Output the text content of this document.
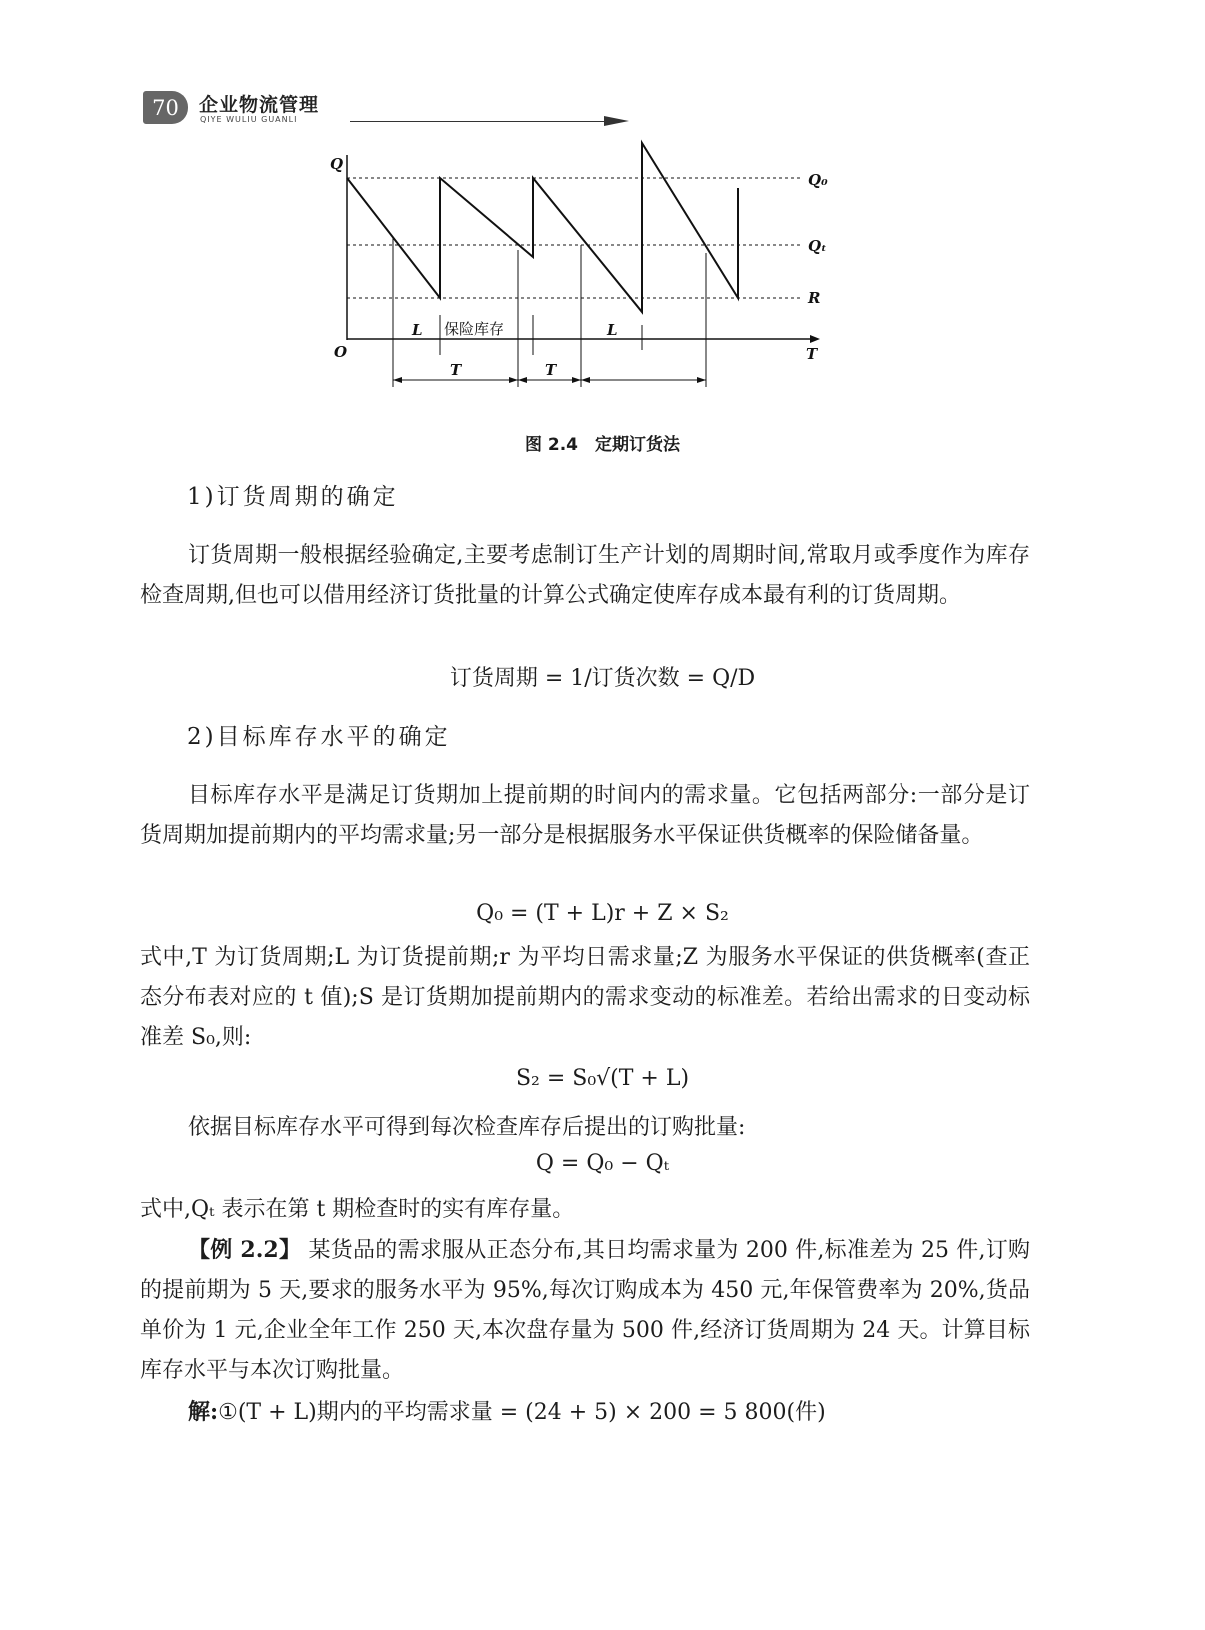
70	企业物流管理
QIYE WULIU GUANLI
Q
O	T
Q₀
Qₜ
R
L 保险库存	L
T	T
图 2.4　定期订货法
1)订货周期的确定
订货周期一般根据经验确定,主要考虑制订生产计划的周期时间,常取月或季度作为库存检查周期,但也可以借用经济订货批量的计算公式确定使库存成本最有利的订货周期。
订货周期 = 1/订货次数 = Q/D
2)目标库存水平的确定
目标库存水平是满足订货期加上提前期的时间内的需求量。它包括两部分:一部分是订货周期加提前期内的平均需求量;另一部分是根据服务水平保证供货概率的保险储备量。
Q₀ = (T + L)r + Z × S₂
式中,T 为订货周期;L 为订货提前期;r 为平均日需求量;Z 为服务水平保证的供货概率(查正态分布表对应的 t 值);S 是订货期加提前期内的需求变动的标准差。若给出需求的日变动标准差 S₀,则:
S₂ = S₀√(T + L)
依据目标库存水平可得到每次检查库存后提出的订购批量:
Q = Q₀ − Qₜ
式中,Qₜ 表示在第 t 期检查时的实有库存量。
【例 2.2】 某货品的需求服从正态分布,其日均需求量为 200 件,标准差为 25 件,订购的提前期为 5 天,要求的服务水平为 95%,每次订购成本为 450 元,年保管费率为 20%,货品单价为 1 元,企业全年工作 250 天,本次盘存量为 500 件,经济订货周期为 24 天。计算目标库存水平与本次订购批量。
解:①(T + L)期内的平均需求量 = (24 + 5) × 200 = 5 800(件)
